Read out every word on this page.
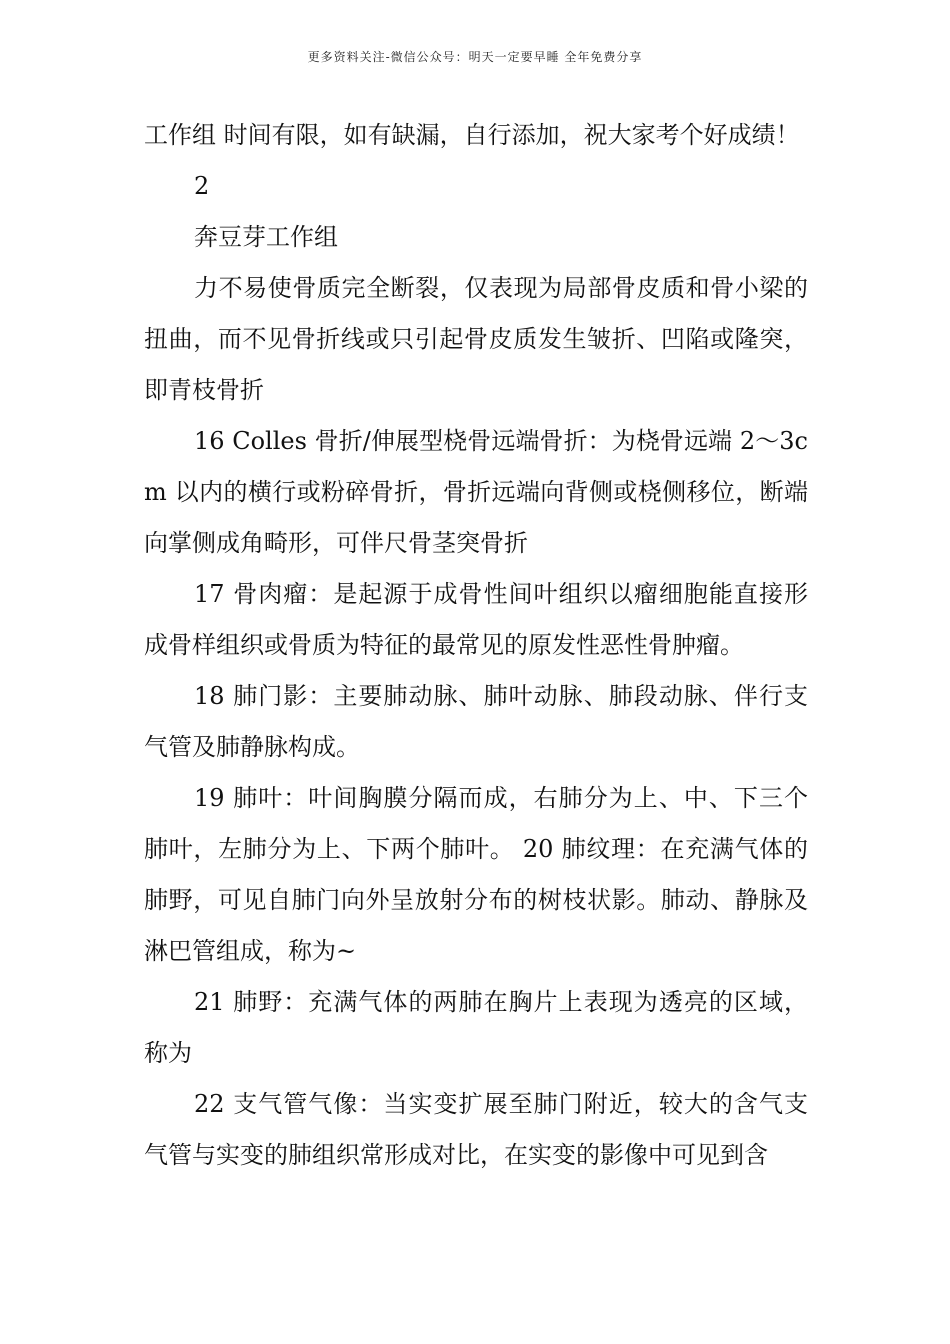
更多资料关注-微信公众号：明天一定要早睡 全年免费分享

工作组 时间有限，如有缺漏，自行添加，祝大家考个好成绩！

2

奔豆芽工作组

力不易使骨质完全断裂，仅表现为局部骨皮质和骨小梁的扭曲，而不见骨折线或只引起骨皮质发生皱折、凹陷或隆突，即青枝骨折

16 Colles 骨折/伸展型桡骨远端骨折：为桡骨远端 2～3cm 以内的横行或粉碎骨折，骨折远端向背侧或桡侧移位，断端向掌侧成角畸形，可伴尺骨茎突骨折

17 骨肉瘤：是起源于成骨性间叶组织以瘤细胞能直接形成骨样组织或骨质为特征的最常见的原发性恶性骨肿瘤。

18 肺门影：主要肺动脉、肺叶动脉、肺段动脉、伴行支气管及肺静脉构成。

19 肺叶：叶间胸膜分隔而成，右肺分为上、中、下三个肺叶，左肺分为上、下两个肺叶。 20 肺纹理：在充满气体的肺野，可见自肺门向外呈放射分布的树枝状影。肺动、静脉及淋巴管组成，称为~

21 肺野：充满气体的两肺在胸片上表现为透亮的区域，称为

22 支气管气像：当实变扩展至肺门附近，较大的含气支气管与实变的肺组织常形成对比，在实变的影像中可见到含
